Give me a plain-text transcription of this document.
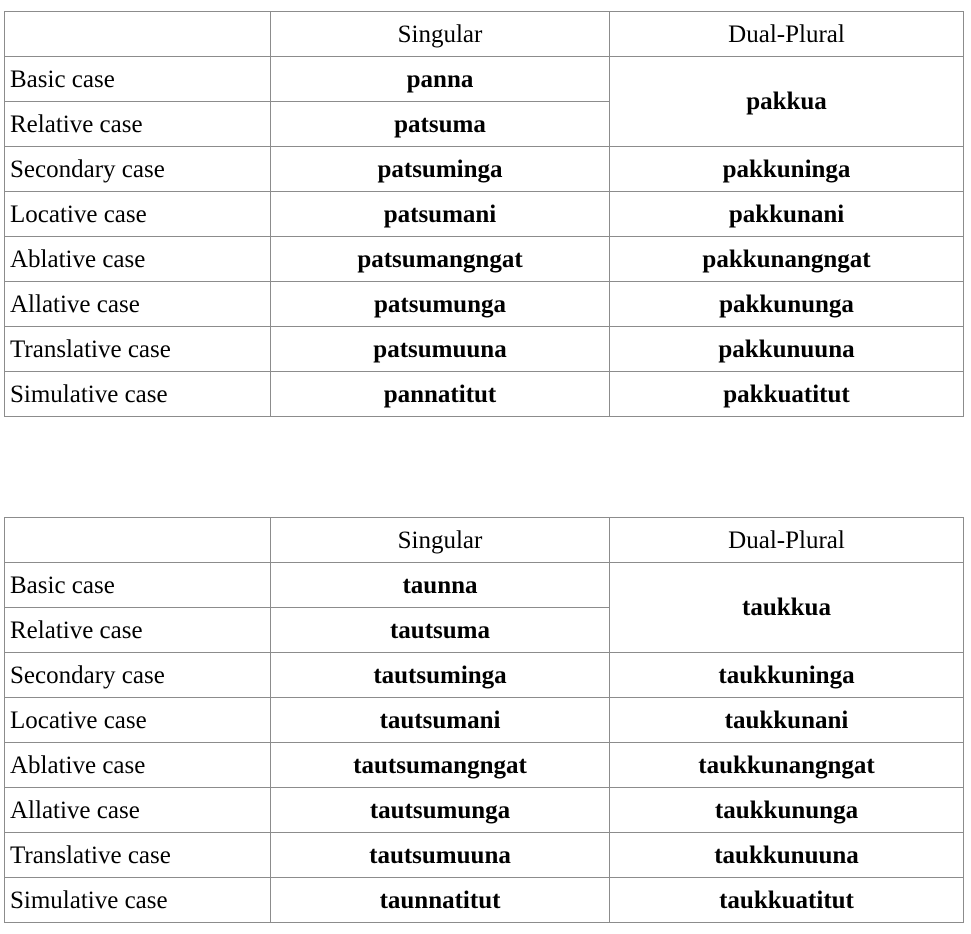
	Singular	Dual-Plural
Basic case	panna	pakkua
Relative case	patsuma	
Secondary case	patsuminga	pakkuninga
Locative case	patsumani	pakkunani
Ablative case	patsumangngat	pakkunangngat
Allative case	patsumunga	pakkununga
Translative case	patsumuuna	pakkunuuna
Simulative case	pannatitut	pakkuatitut
	Singular	Dual-Plural
Basic case	taunna	taukkua
Relative case	tautsuma	
Secondary case	tautsuminga	taukkuninga
Locative case	tautsumani	taukkunani
Ablative case	tautsumangngat	taukkunangngat
Allative case	tautsumunga	taukkununga
Translative case	tautsumuuna	taukkunuuna
Simulative case	taunnatitut	taukkuatitut
